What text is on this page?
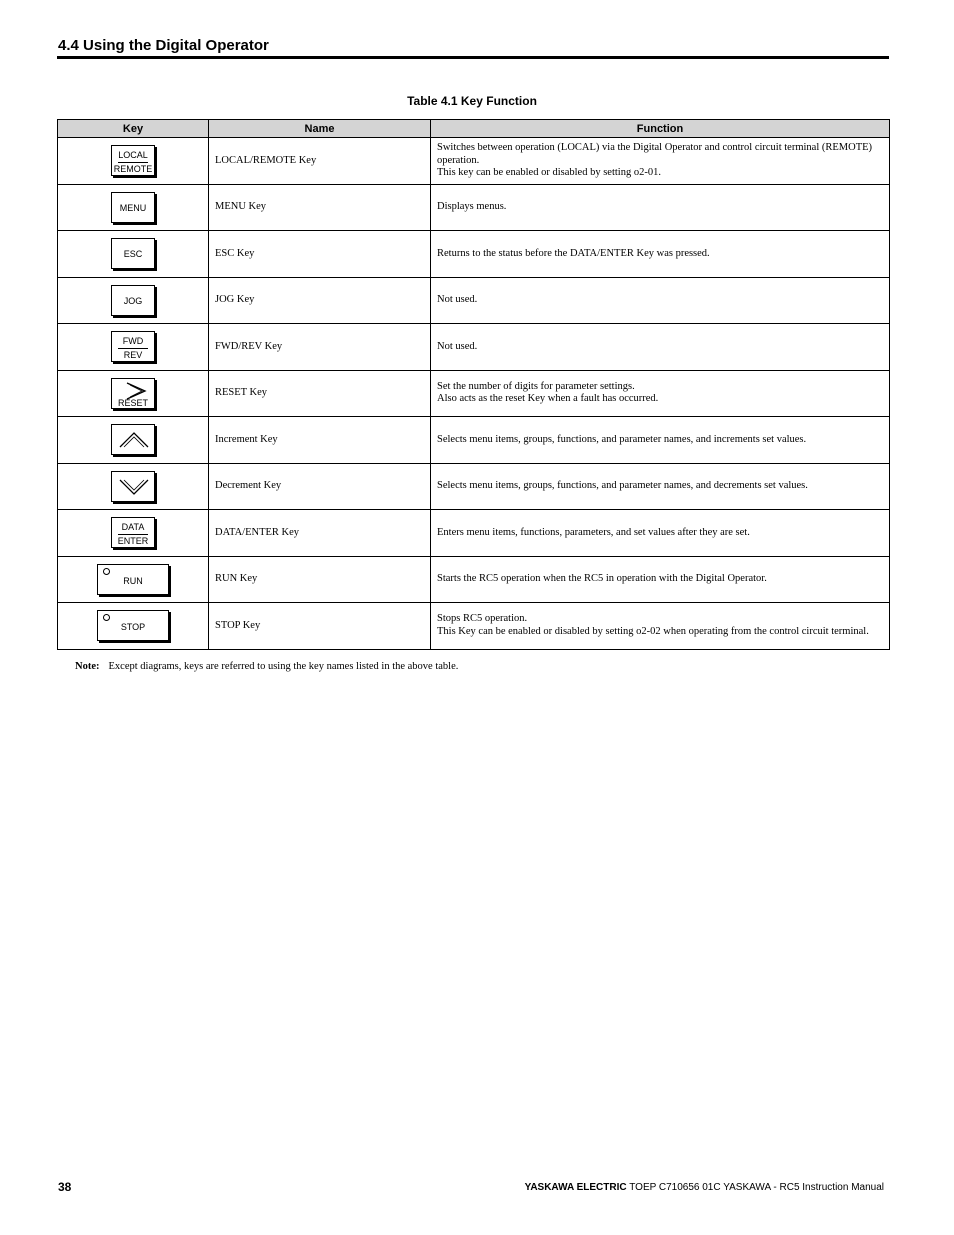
4.4 Using the Digital Operator
Table 4.1 Key Function
Key	Name	Function

LOCAL
REMOTE	LOCAL/REMOTE Key	Switches between operation (LOCAL) via the Digital Operator and control circuit terminal (REMOTE) operation.
This key can be enabled or disabled by setting o2-01.

MENU	MENU Key	Displays menus.

ESC	ESC Key	Returns to the status before the DATA/ENTER Key was pressed.

JOG	JOG Key	Not used.

FWD
REV	FWD/REV Key	Not used.

RESET	RESET Key	Set the number of digits for parameter settings.
Also acts as the reset Key when a fault has occurred.

	Increment Key	Selects menu items, groups, functions, and parameter names, and increments set values.

	Decrement Key	Selects menu items, groups, functions, and parameter names, and decrements set values.

DATA
ENTER	DATA/ENTER Key	Enters menu items, functions, parameters, and set values after they are set.

RUN	RUN Key	Starts the RC5 operation when the RC5 in operation with the Digital Operator.

STOP	STOP Key	Stops RC5 operation.
This Key can be enabled or disabled by setting o2-02 when operating from the control circuit terminal.
Note: Except diagrams, keys are referred to using the key names listed in the above table.
38	YASKAWA ELECTRIC TOEP C710656 01C YASKAWA - RC5 Instruction Manual
